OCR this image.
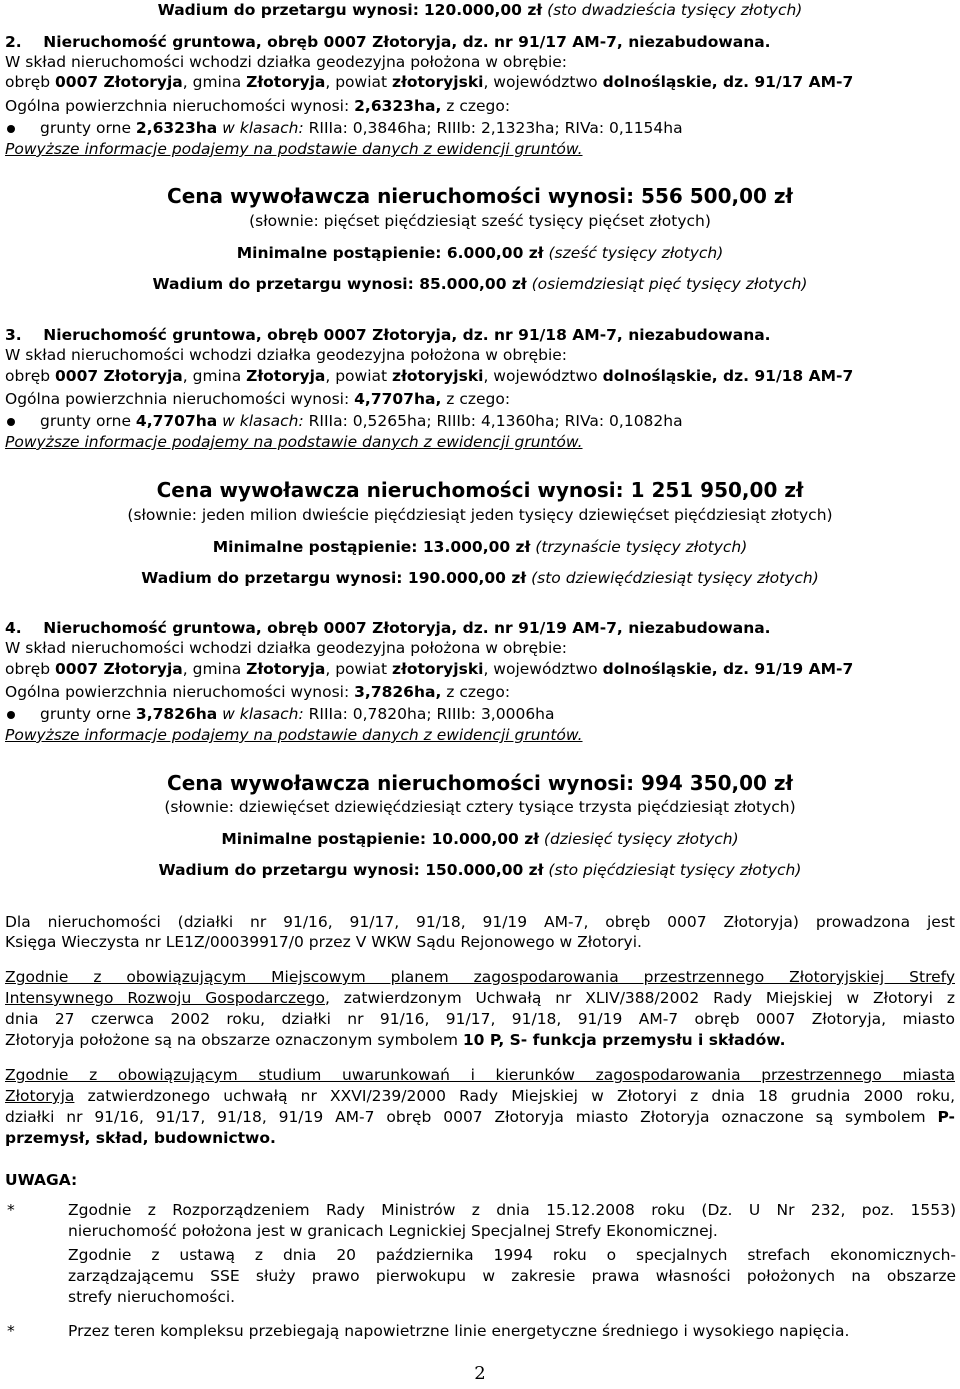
Wadium do przetargu wynosi: 120.000,00 zł (sto dwadzieścia tysięcy złotych)
2. Nieruchomość gruntowa, obręb 0007 Złotoryja, dz. nr 91/17 AM-7, niezabudowana.
W skład nieruchomości wchodzi działka geodezyjna położona w obrębie:
obręb 0007 Złotoryja, gmina Złotoryja, powiat złotoryjski, województwo dolnośląskie, dz. 91/17 AM-7
Ogólna powierzchnia nieruchomości wynosi: 2,6323ha, z czego:
grunty orne 2,6323ha w klasach: RIIIa: 0,3846ha; RIIIb: 2,1323ha; RIVa: 0,1154ha
Powyższe informacje podajemy na podstawie danych z ewidencji gruntów.
Cena wywoławcza nieruchomości wynosi: 556 500,00 zł
(słownie: pięćset pięćdziesiąt sześć tysięcy pięćset złotych)
Minimalne postąpienie: 6.000,00 zł (sześć tysięcy złotych)
Wadium do przetargu wynosi: 85.000,00 zł (osiemdziesiąt pięć tysięcy złotych)
3. Nieruchomość gruntowa, obręb 0007 Złotoryja, dz. nr 91/18 AM-7, niezabudowana.
W skład nieruchomości wchodzi działka geodezyjna położona w obrębie:
obręb 0007 Złotoryja, gmina Złotoryja, powiat złotoryjski, województwo dolnośląskie, dz. 91/18 AM-7
Ogólna powierzchnia nieruchomości wynosi: 4,7707ha, z czego:
grunty orne 4,7707ha w klasach: RIIIa: 0,5265ha; RIIIb: 4,1360ha; RIVa: 0,1082ha
Powyższe informacje podajemy na podstawie danych z ewidencji gruntów.
Cena wywoławcza nieruchomości wynosi: 1 251 950,00 zł
(słownie: jeden milion dwieście pięćdziesiąt jeden tysięcy dziewięćset pięćdziesiąt złotych)
Minimalne postąpienie: 13.000,00 zł (trzynaście tysięcy złotych)
Wadium do przetargu wynosi: 190.000,00 zł (sto dziewięćdziesiąt tysięcy złotych)
4. Nieruchomość gruntowa, obręb 0007 Złotoryja, dz. nr 91/19 AM-7, niezabudowana.
W skład nieruchomości wchodzi działka geodezyjna położona w obrębie:
obręb 0007 Złotoryja, gmina Złotoryja, powiat złotoryjski, województwo dolnośląskie, dz. 91/19 AM-7
Ogólna powierzchnia nieruchomości wynosi: 3,7826ha, z czego:
grunty orne 3,7826ha w klasach: RIIIa: 0,7820ha; RIIIb: 3,0006ha
Powyższe informacje podajemy na podstawie danych z ewidencji gruntów.
Cena wywoławcza nieruchomości wynosi: 994 350,00 zł
(słownie: dziewięćset dziewięćdziesiąt cztery tysiące trzysta pięćdziesiąt złotych)
Minimalne postąpienie: 10.000,00 zł (dziesięć tysięcy złotych)
Wadium do przetargu wynosi: 150.000,00 zł (sto pięćdziesiąt tysięcy złotych)
Dla nieruchomości (działki nr 91/16, 91/17, 91/18, 91/19 AM-7, obręb 0007 Złotoryja) prowadzona jest
Księga Wieczysta nr LE1Z/00039917/0 przez V WKW Sądu Rejonowego w Złotoryi.
Zgodnie z obowiązującym Miejscowym planem zagospodarowania przestrzennego Złotoryjskiej Strefy
Intensywnego Rozwoju Gospodarczego, zatwierdzonym Uchwałą nr XLIV/388/2002 Rady Miejskiej w Złotoryi z
dnia 27 czerwca 2002 roku, działki nr 91/16, 91/17, 91/18, 91/19 AM-7 obręb 0007 Złotoryja, miasto
Złotoryja położone są na obszarze oznaczonym symbolem 10 P, S- funkcja przemysłu i składów.
Zgodnie z obowiązującym studium uwarunkowań i kierunków zagospodarowania przestrzennego miasta
Złotoryja zatwierdzonego uchwałą nr XXVI/239/2000 Rady Miejskiej w Złotoryi z dnia 18 grudnia 2000 roku,
działki nr 91/16, 91/17, 91/18, 91/19 AM-7 obręb 0007 Złotoryja miasto Złotoryja oznaczone są symbolem P-
przemysł, skład, budownictwo.
UWAGA:
*	Zgodnie z Rozporządzeniem Rady Ministrów z dnia 15.12.2008 roku (Dz. U Nr 232, poz. 1553)
nieruchomość położona jest w granicach Legnickiej Specjalnej Strefy Ekonomicznej.
Zgodnie z ustawą z dnia 20 października 1994 roku o specjalnych strefach ekonomicznych-
zarządzającemu SSE służy prawo pierwokupu w zakresie prawa własności położonych na obszarze
strefy nieruchomości.
*	Przez teren kompleksu przebiegają napowietrzne linie energetyczne średniego i wysokiego napięcia.
2
